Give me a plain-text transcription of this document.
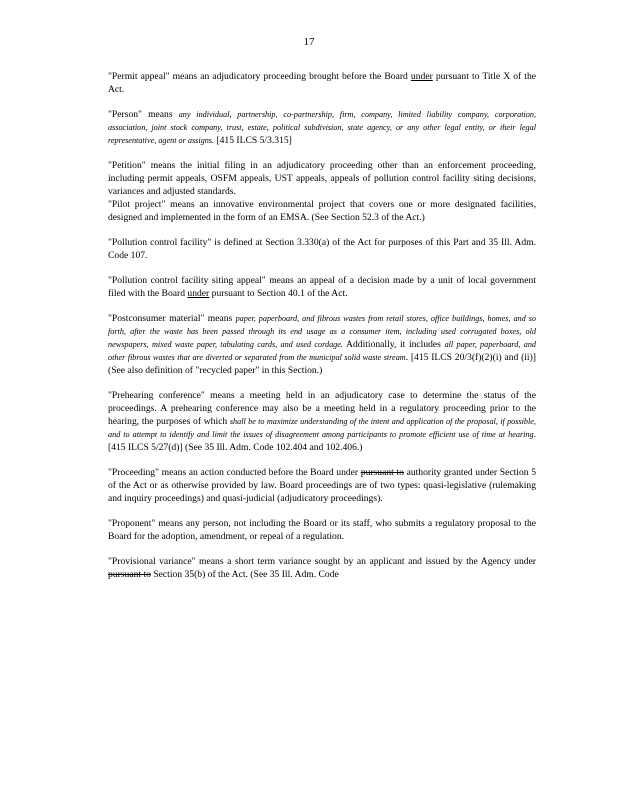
17

"Permit appeal" means an adjudicatory proceeding brought before the Board under pursuant to Title X of the Act.

"Person" means any individual, partnership, co-partnership, firm, company, limited liability company, corporation, association, joint stock company, trust, estate, political subdivision, state agency, or any other legal entity, or their legal representative, agent or assigns. [415 ILCS 5/3.315]

"Petition" means the initial filing in an adjudicatory proceeding other than an enforcement proceeding, including permit appeals, OSFM appeals, UST appeals, appeals of pollution control facility siting decisions, variances and adjusted standards.

"Pilot project" means an innovative environmental project that covers one or more designated facilities, designed and implemented in the form of an EMSA. (See Section 52.3 of the Act.)

"Pollution control facility" is defined at Section 3.330(a) of the Act for purposes of this Part and 35 Ill. Adm. Code 107.

"Pollution control facility siting appeal" means an appeal of a decision made by a unit of local government filed with the Board under pursuant to Section 40.1 of the Act.

"Postconsumer material" means paper, paperboard, and fibrous wastes from retail stores, office buildings, homes, and so forth, after the waste has been passed through its end usage as a consumer item, including used corrugated boxes, old newspapers, mixed waste paper, tabulating cards, and used cordage. Additionally, it includes all paper, paperboard, and other fibrous wastes that are diverted or separated from the municipal solid waste stream. [415 ILCS 20/3(f)(2)(i) and (ii)] (See also definition of "recycled paper" in this Section.)

"Prehearing conference" means a meeting held in an adjudicatory case to determine the status of the proceedings. A prehearing conference may also be a meeting held in a regulatory proceeding prior to the hearing, the purposes of which shall be to maximize understanding of the intent and application of the proposal, if possible, and to attempt to identify and limit the issues of disagreement among participants to promote efficient use of time at hearing. [415 ILCS 5/27(d)] (See 35 Ill. Adm. Code 102.404 and 102.406.)

"Proceeding" means an action conducted before the Board under pursuant to authority granted under Section 5 of the Act or as otherwise provided by law. Board proceedings are of two types: quasi-legislative (rulemaking and inquiry proceedings) and quasi-judicial (adjudicatory proceedings).

"Proponent" means any person, not including the Board or its staff, who submits a regulatory proposal to the Board for the adoption, amendment, or repeal of a regulation.

"Provisional variance" means a short term variance sought by an applicant and issued by the Agency under pursuant to Section 35(b) of the Act. (See 35 Ill. Adm. Code
